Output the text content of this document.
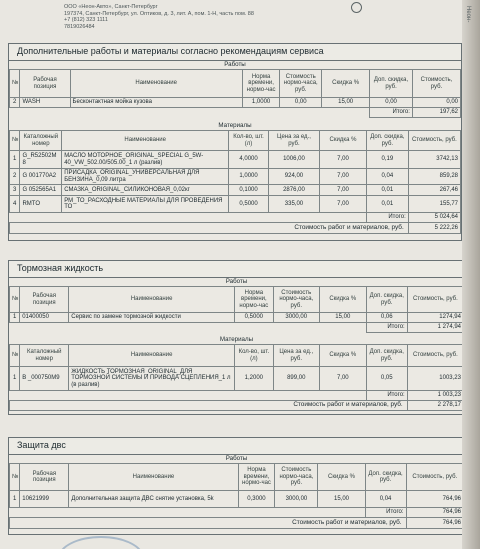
ООО «Неон-Авто», Санкт-Петербург
197374, Санкт-Петербург, ул. Оптиков, д. 3, лит. А, пом. 1-Н, часть пом. 88
+7 (812) 323 1111
7819026484
Дополнительные работы и материалы согласно рекомендациям сервиса
Работы
№	Рабочая позиция	Наименование	Норма времени, нормо-час	Стоимость нормо-часа, руб.	Скидка %	Доп. скидка, руб.	Стоимость, руб.
2	WASH	Бесконтактная мойка кузова	1,0000	0,00	15,00	0,00	0,00
						Итого:	197,62
Материалы
№	Каталожный номер	Наименование	Кол-во, шт. (л)	Цена за ед., руб.	Скидка %	Доп. скидка, руб.	Стоимость, руб.
1	G_R52502M 8	МАСЛО МОТОРНОЕ_ORIGINAL_SPECIAL G_5W-40_VW_502.00/505.00_1 л (разлив)	4,0000	1006,00	7,00	0,19	3742,13
2	G 001770A2	ПРИСАДКА_ORIGINAL_УНИВЕРСАЛЬНАЯ ДЛЯ БЕНЗИНА_0,09 литра	1,0000	924,00	7,00	0,04	859,28
3	G 052565A1	СМАЗКА_ORIGINAL_СИЛИКОНОВАЯ_0,02кг	0,1000	2876,00	7,00	0,01	267,46
4	RMTO	РМ_ТО_РАСХОДНЫЕ МАТЕРИАЛЫ ДЛЯ ПРОВЕДЕНИЯ ТО	0,5000	335,00	7,00	0,01	155,77
						Итого:	5 024,64
Стоимость работ и материалов, руб.							5 222,26
Тормозная жидкость
Работы
№	Рабочая позиция	Наименование	Норма времени, нормо-час	Стоимость нормо-часа, руб.	Скидка %	Доп. скидка, руб.	Стоимость, руб.
1	01400050	Сервис по замене тормозной жидкости	0,5000	3000,00	15,00	0,06	1274,94
						Итого:	1 274,94
Материалы
№	Каталожный номер	Наименование	Кол-во, шт. (л)	Цена за ед., руб.	Скидка %	Доп. скидка, руб.	Стоимость, руб.
1	B _000750M9	ЖИДКОСТЬ ТОРМОЗНАЯ_ORIGINAL_ДЛЯ ТОРМОЗНОЙ СИСТЕМЫ И ПРИВОДА СЦЕПЛЕНИЯ_1 л (в разлив)	1,2000	899,00	7,00	0,05	1003,23
						Итого:	1 003,23
Стоимость работ и материалов, руб.							2 278,17
Защита двс
Работы
№	Рабочая позиция	Наименование	Норма времени, нормо-час	Стоимость нормо-часа, руб.	Скидка %	Доп. скидка, руб.	Стоимость, руб.
1	10621999	Дополнительная защита ДВС снятие установка, 5k	0,3000	3000,00	15,00	0,04	764,96
						Итого:	764,96
Стоимость работ и материалов, руб.							764,96
Неон-
